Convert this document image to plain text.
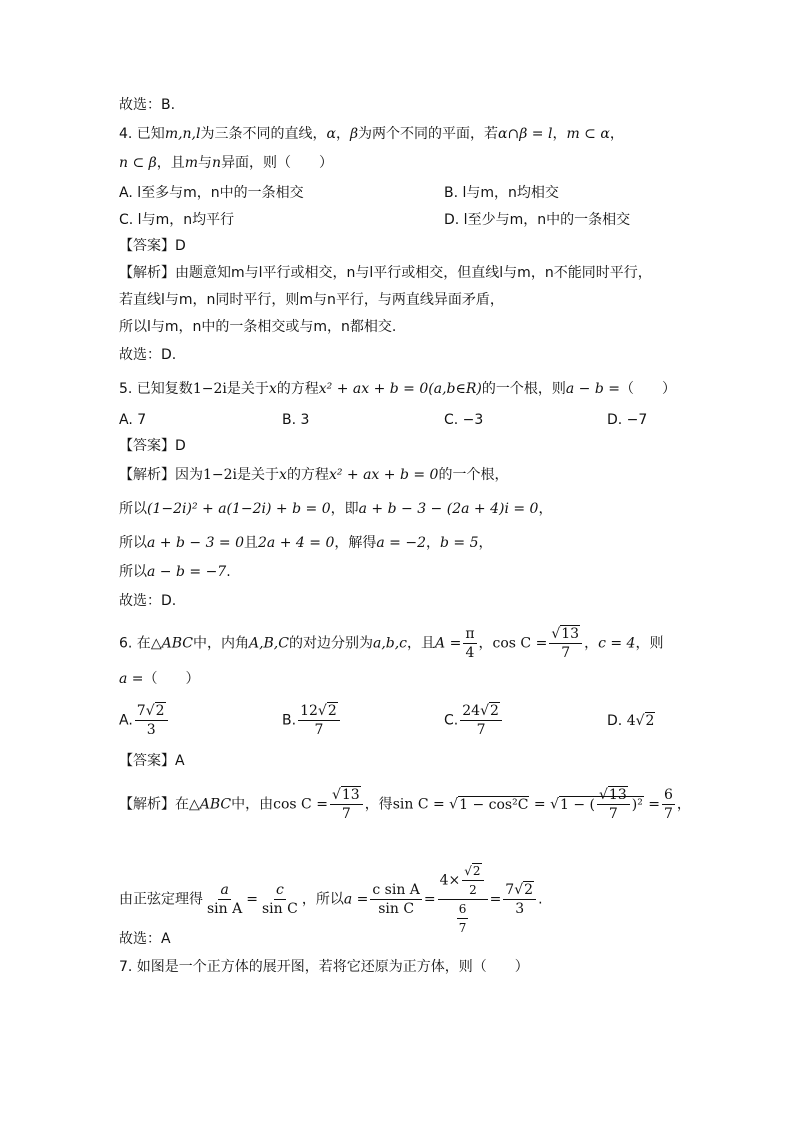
故选：B.
4. 已知m,n,l为三条不同的直线，α，β为两个不同的平面，若α∩β = l，m ⊂ α，
n ⊂ β，且m与n异面，则（　　）
A. l至多与m，n中的一条相交	B. l与m，n均相交
C. l与m，n均平行	D. l至少与m，n中的一条相交
【答案】D
【解析】由题意知m与l平行或相交，n与l平行或相交，但直线l与m，n不能同时平行，
若直线l与m，n同时平行，则m与n平行，与两直线异面矛盾，
所以l与m，n中的一条相交或与m，n都相交.
故选：D.
5. 已知复数1−2i是关于x的方程x² + ax + b = 0(a,b∈R)的一个根，则a − b =（　　）
A. 7	B. 3	C. −3	D. −7
【答案】D
【解析】因为1−2i是关于x的方程x² + ax + b = 0的一个根，
所以(1−2i)² + a(1−2i) + b = 0，即a + b − 3 − (2a + 4)i = 0，
所以a + b − 3 = 0且2a + 4 = 0，解得a = −2，b = 5，
所以a − b = −7.
故选：D.
6. 在△ABC中，内角A,B,C的对边分别为a,b,c，且$A = \frac{\pi}{4}$ ，$\cos C = \frac{√13}{7}$ ，c = 4，则
a =（　　）
A. $\frac{7√2}{3}$	B. $\frac{12√2}{7}$	C. $\frac{24√2}{7}$	D. 4√2
【答案】A
【解析】在△ABC中，由$\cos C = \frac{√13}{7}$ ，得sin C = √1 − cos²C = √1 − ( $\frac{√13}{7} )^2 = \frac{6}{7}$ ，
由正弦定理得 $\frac{a}{\text{sin A}} = \frac{c}{\text{sin C}}$ ，所以$a = \frac{\text{c sin A}}{\text{sin C}} = \frac{4\times \frac{√2}{2}}{\frac{6}{7}} = \frac{7√2}{3}$ .
故选：A
7. 如图是一个正方体的展开图，若将它还原为正方体，则（　　）
